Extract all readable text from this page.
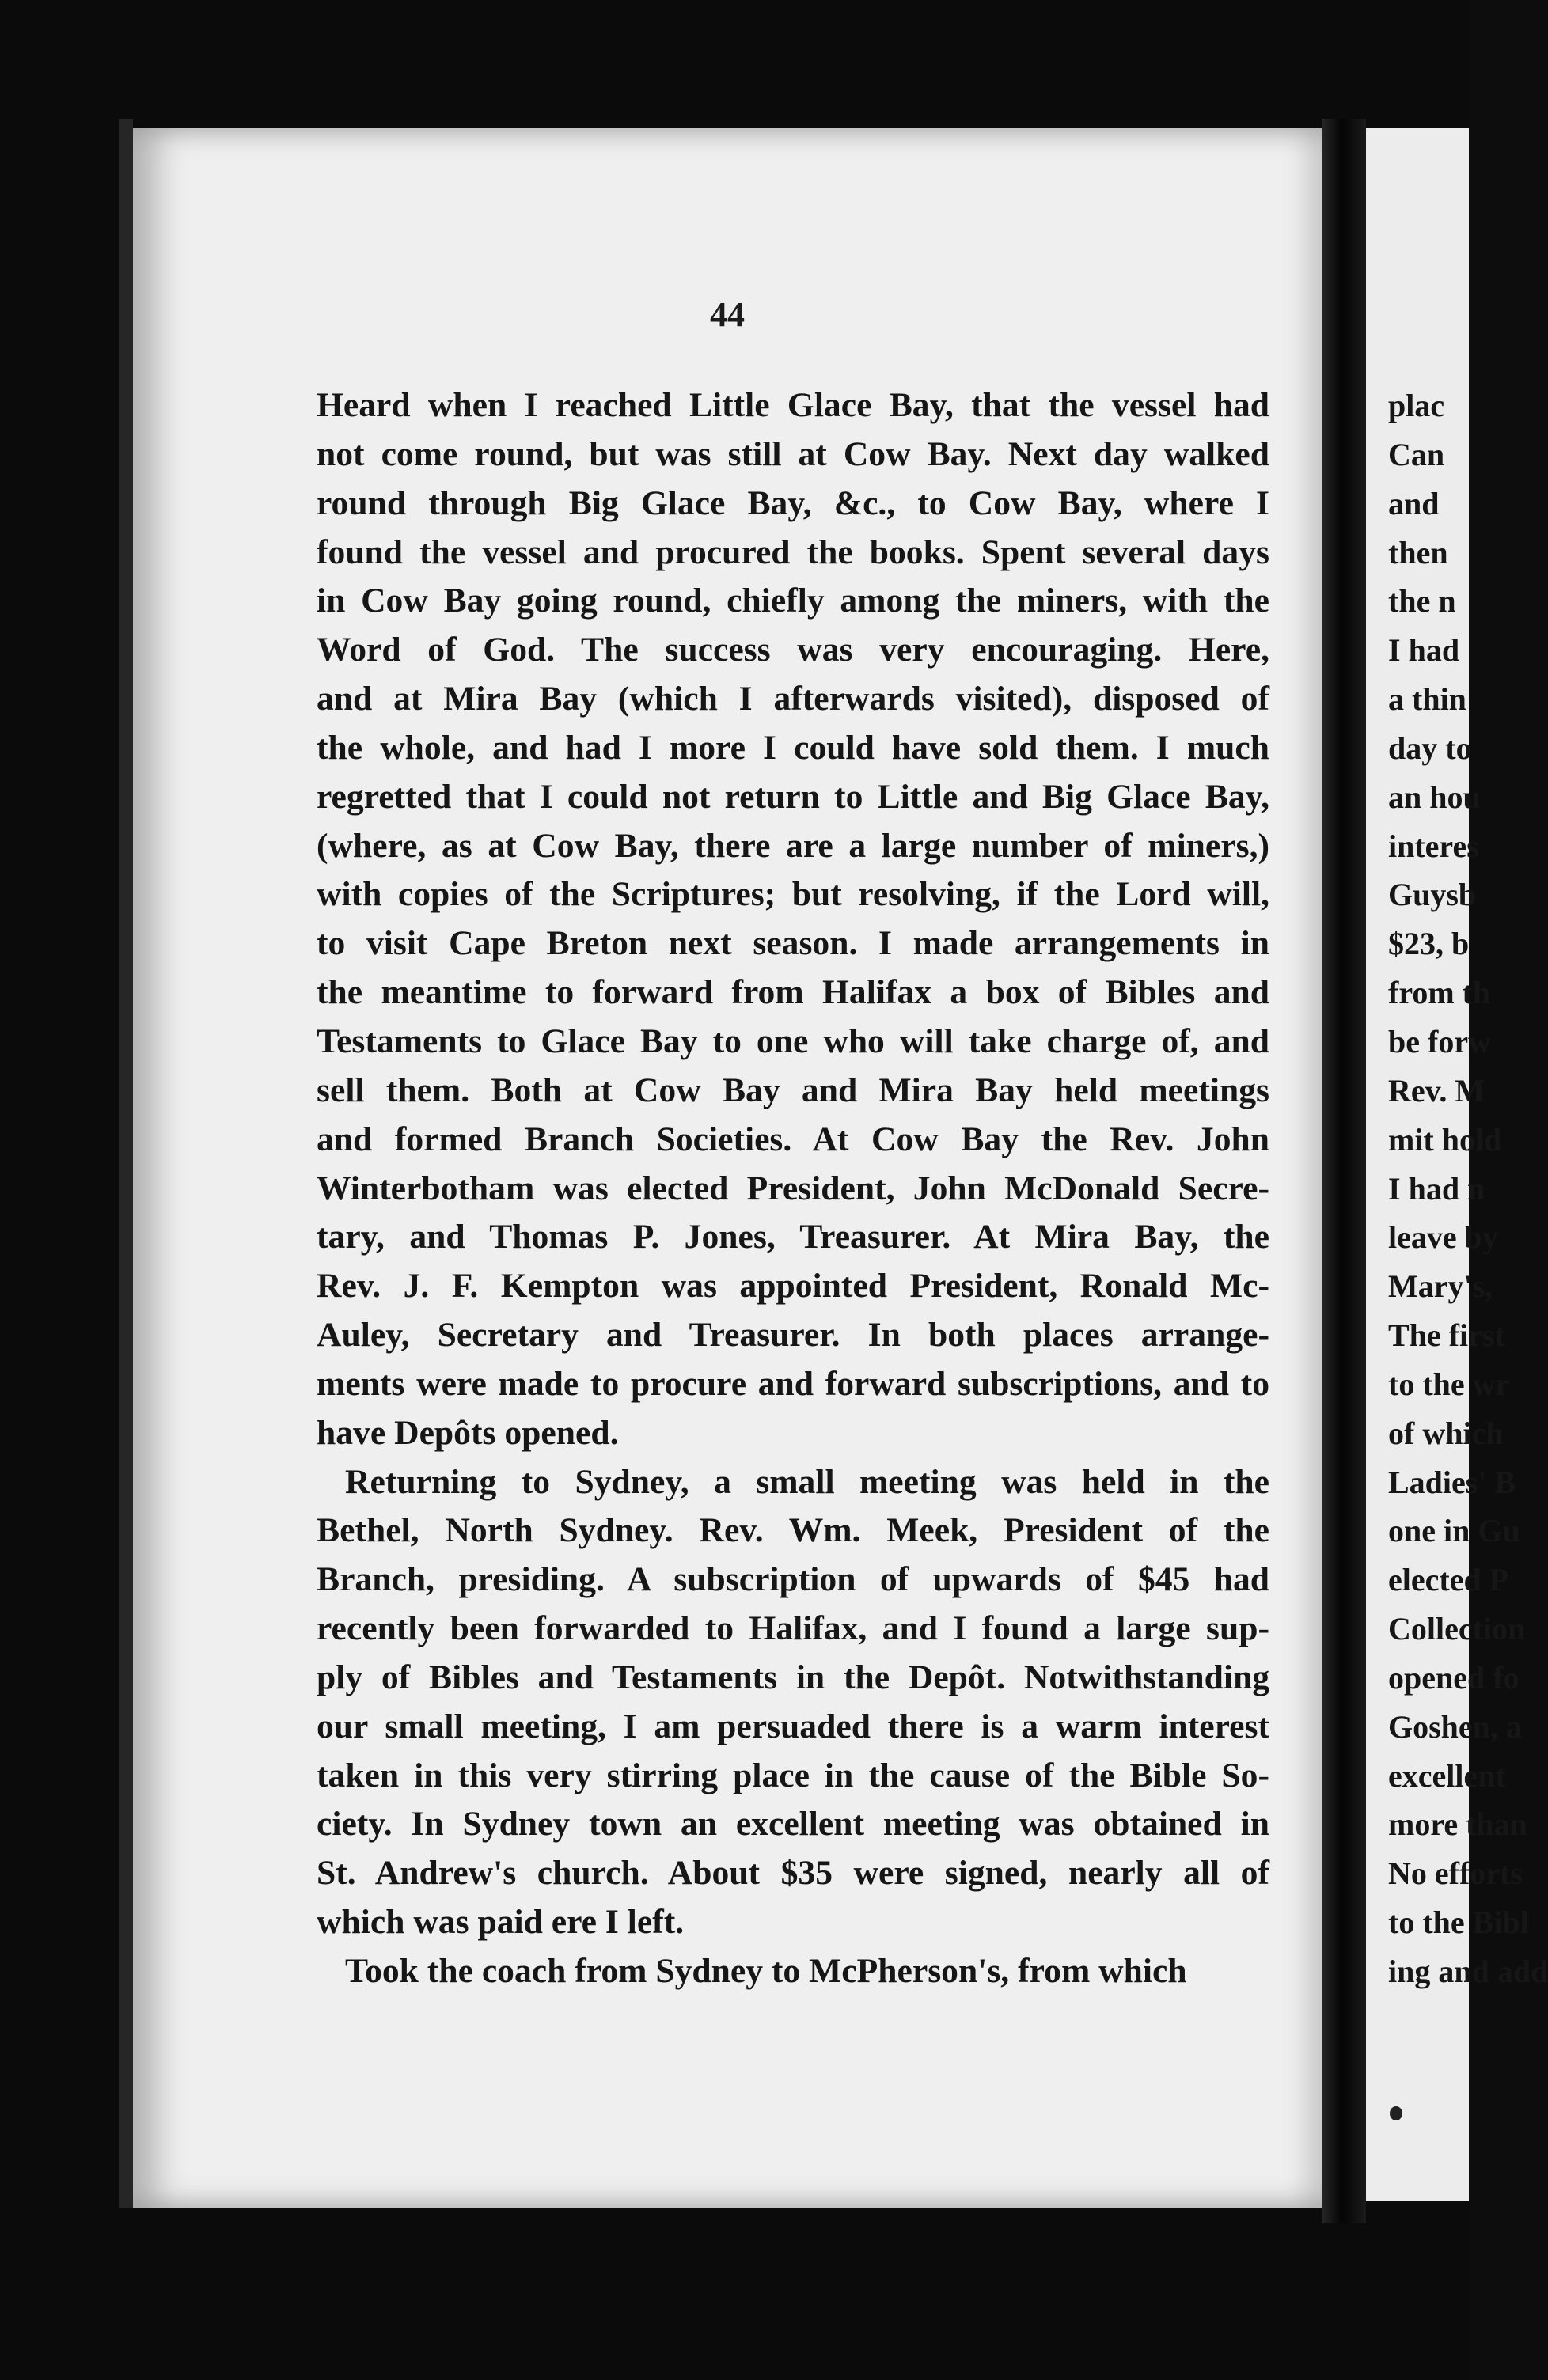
44
Heard when I reached Little Glace Bay, that the vessel had
not come round, but was still at Cow Bay. Next day walked
round through Big Glace Bay, &c., to Cow Bay, where I
found the vessel and procured the books. Spent several days
in Cow Bay going round, chiefly among the miners, with the
Word of God. The success was very encouraging. Here,
and at Mira Bay (which I afterwards visited), disposed of
the whole, and had I more I could have sold them. I much
regretted that I could not return to Little and Big Glace Bay,
(where, as at Cow Bay, there are a large number of miners,)
with copies of the Scriptures; but resolving, if the Lord will,
to visit Cape Breton next season. I made arrangements in
the meantime to forward from Halifax a box of Bibles and
Testaments to Glace Bay to one who will take charge of, and
sell them. Both at Cow Bay and Mira Bay held meetings
and formed Branch Societies. At Cow Bay the Rev. John
Winterbotham was elected President, John McDonald Secre-
tary, and Thomas P. Jones, Treasurer. At Mira Bay, the
Rev. J. F. Kempton was appointed President, Ronald Mc-
Auley, Secretary and Treasurer. In both places arrange-
ments were made to procure and forward subscriptions, and to
have Depôts opened.
Returning to Sydney, a small meeting was held in the
Bethel, North Sydney. Rev. Wm. Meek, President of the
Branch, presiding. A subscription of upwards of $45 had
recently been forwarded to Halifax, and I found a large sup-
ply of Bibles and Testaments in the Depôt. Notwithstanding
our small meeting, I am persuaded there is a warm interest
taken in this very stirring place in the cause of the Bible So-
ciety. In Sydney town an excellent meeting was obtained in
St. Andrew's church. About $35 were signed, nearly all of
which was paid ere I left.
Took the coach from Sydney to McPherson's, from which
plac
Can
and
then
the n
I had
a thin
day to
an hou
interes
Guysb
$23, b
from th
be forw
Rev. M
mit hold
I had n
leave by
Mary's,
The first
to the wr
of which
Ladies' B
one in Gu
elected P
Collection
opened fo
Goshen, a
excellent
more than
No efforts
to the Bibl
ing and add
